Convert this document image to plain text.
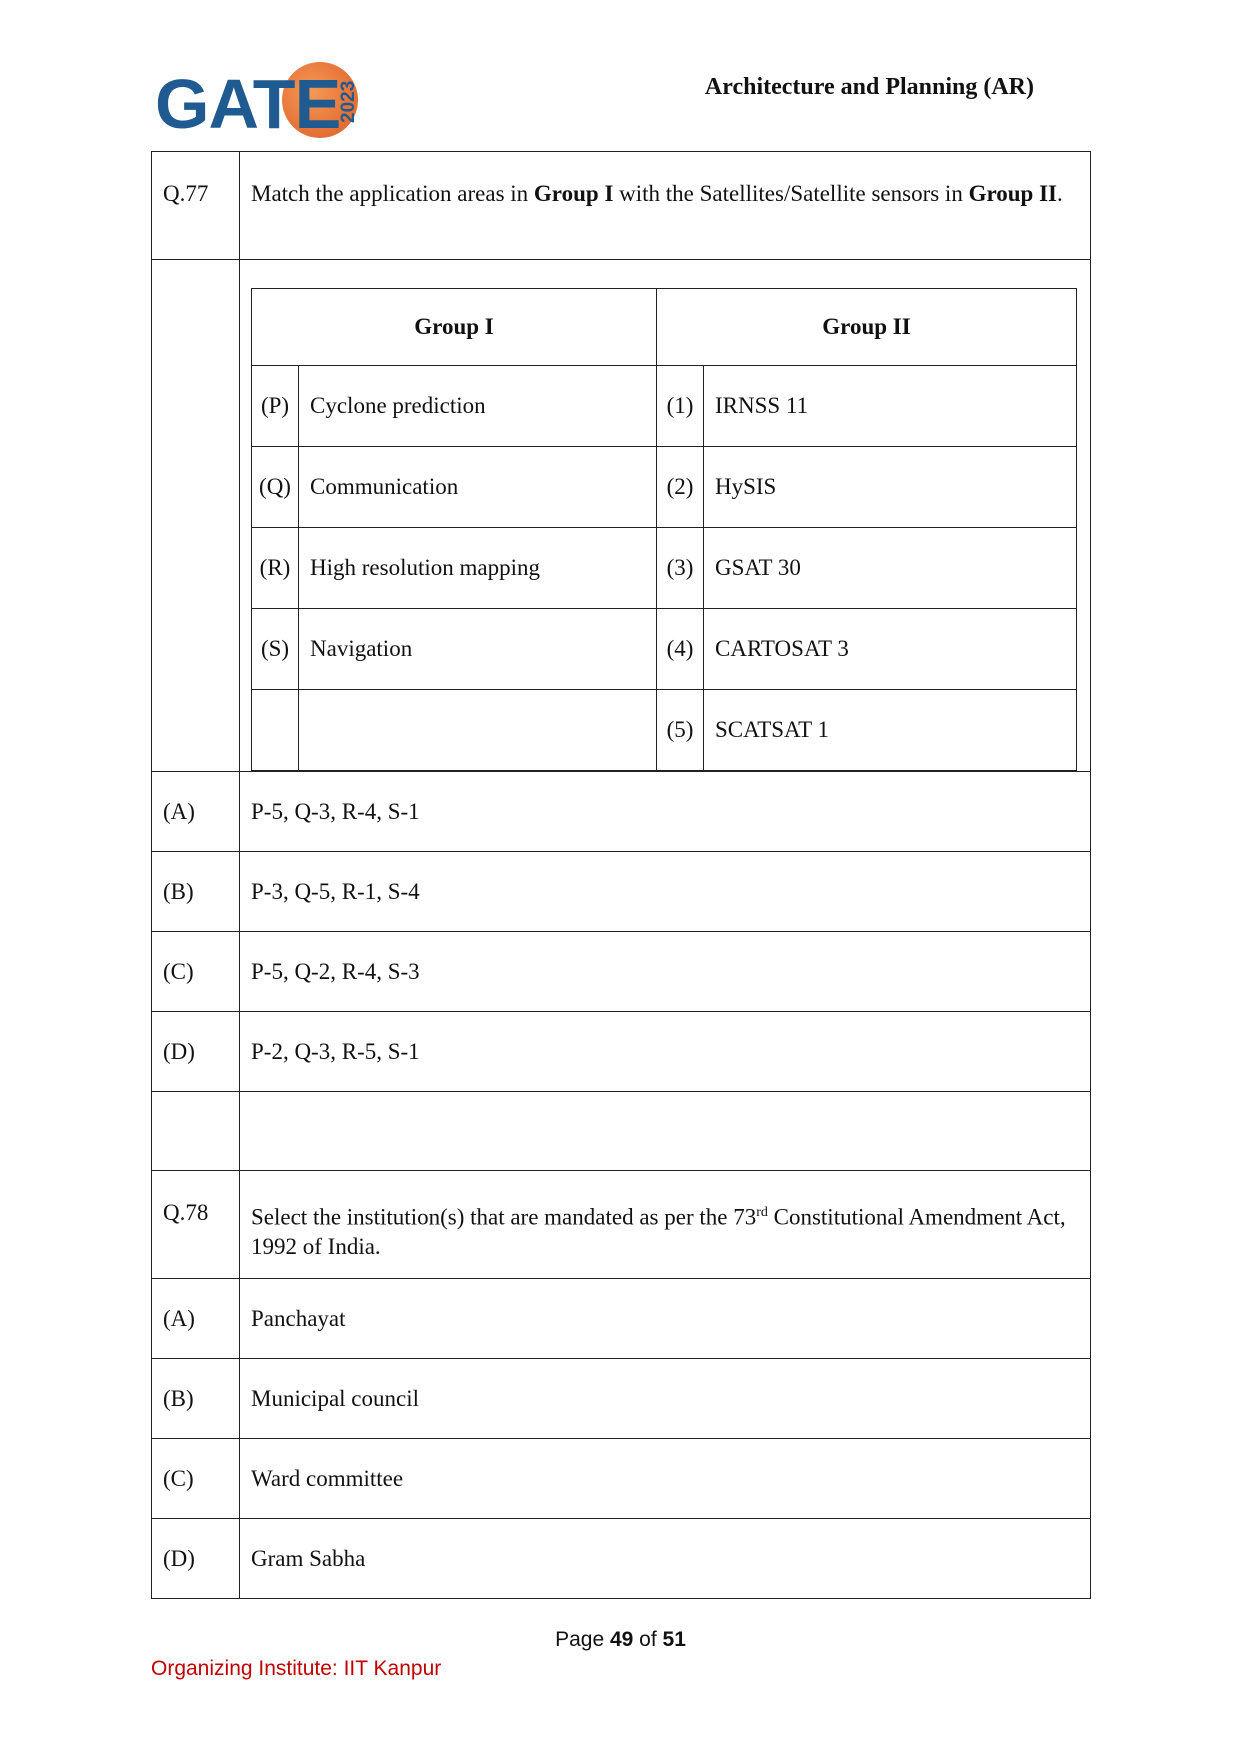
GATE
2023	Architecture and Planning (AR)
Q.77	Match the application areas in Group I with the Satellites/Satellite sensors in Group II.

Group I	Group II
(P)	Cyclone prediction	(1)	IRNSS 11
(Q)	Communication	(2)	HySIS
(R)	High resolution mapping	(3)	GSAT 30
(S)	Navigation	(4)	CARTOSAT 3
		(5)	SCATSAT 1

(A)	P-5, Q-3, R-4, S-1
(B)	P-3, Q-5, R-1, S-4
(C)	P-5, Q-2, R-4, S-3
(D)	P-2, Q-3, R-5, S-1

Q.78	Select the institution(s) that are mandated as per the 73rd Constitutional Amendment Act, 1992 of India.
(A)	Panchayat
(B)	Municipal council
(C)	Ward committee
(D)	Gram Sabha
Page 49 of 51
Organizing Institute: IIT Kanpur
